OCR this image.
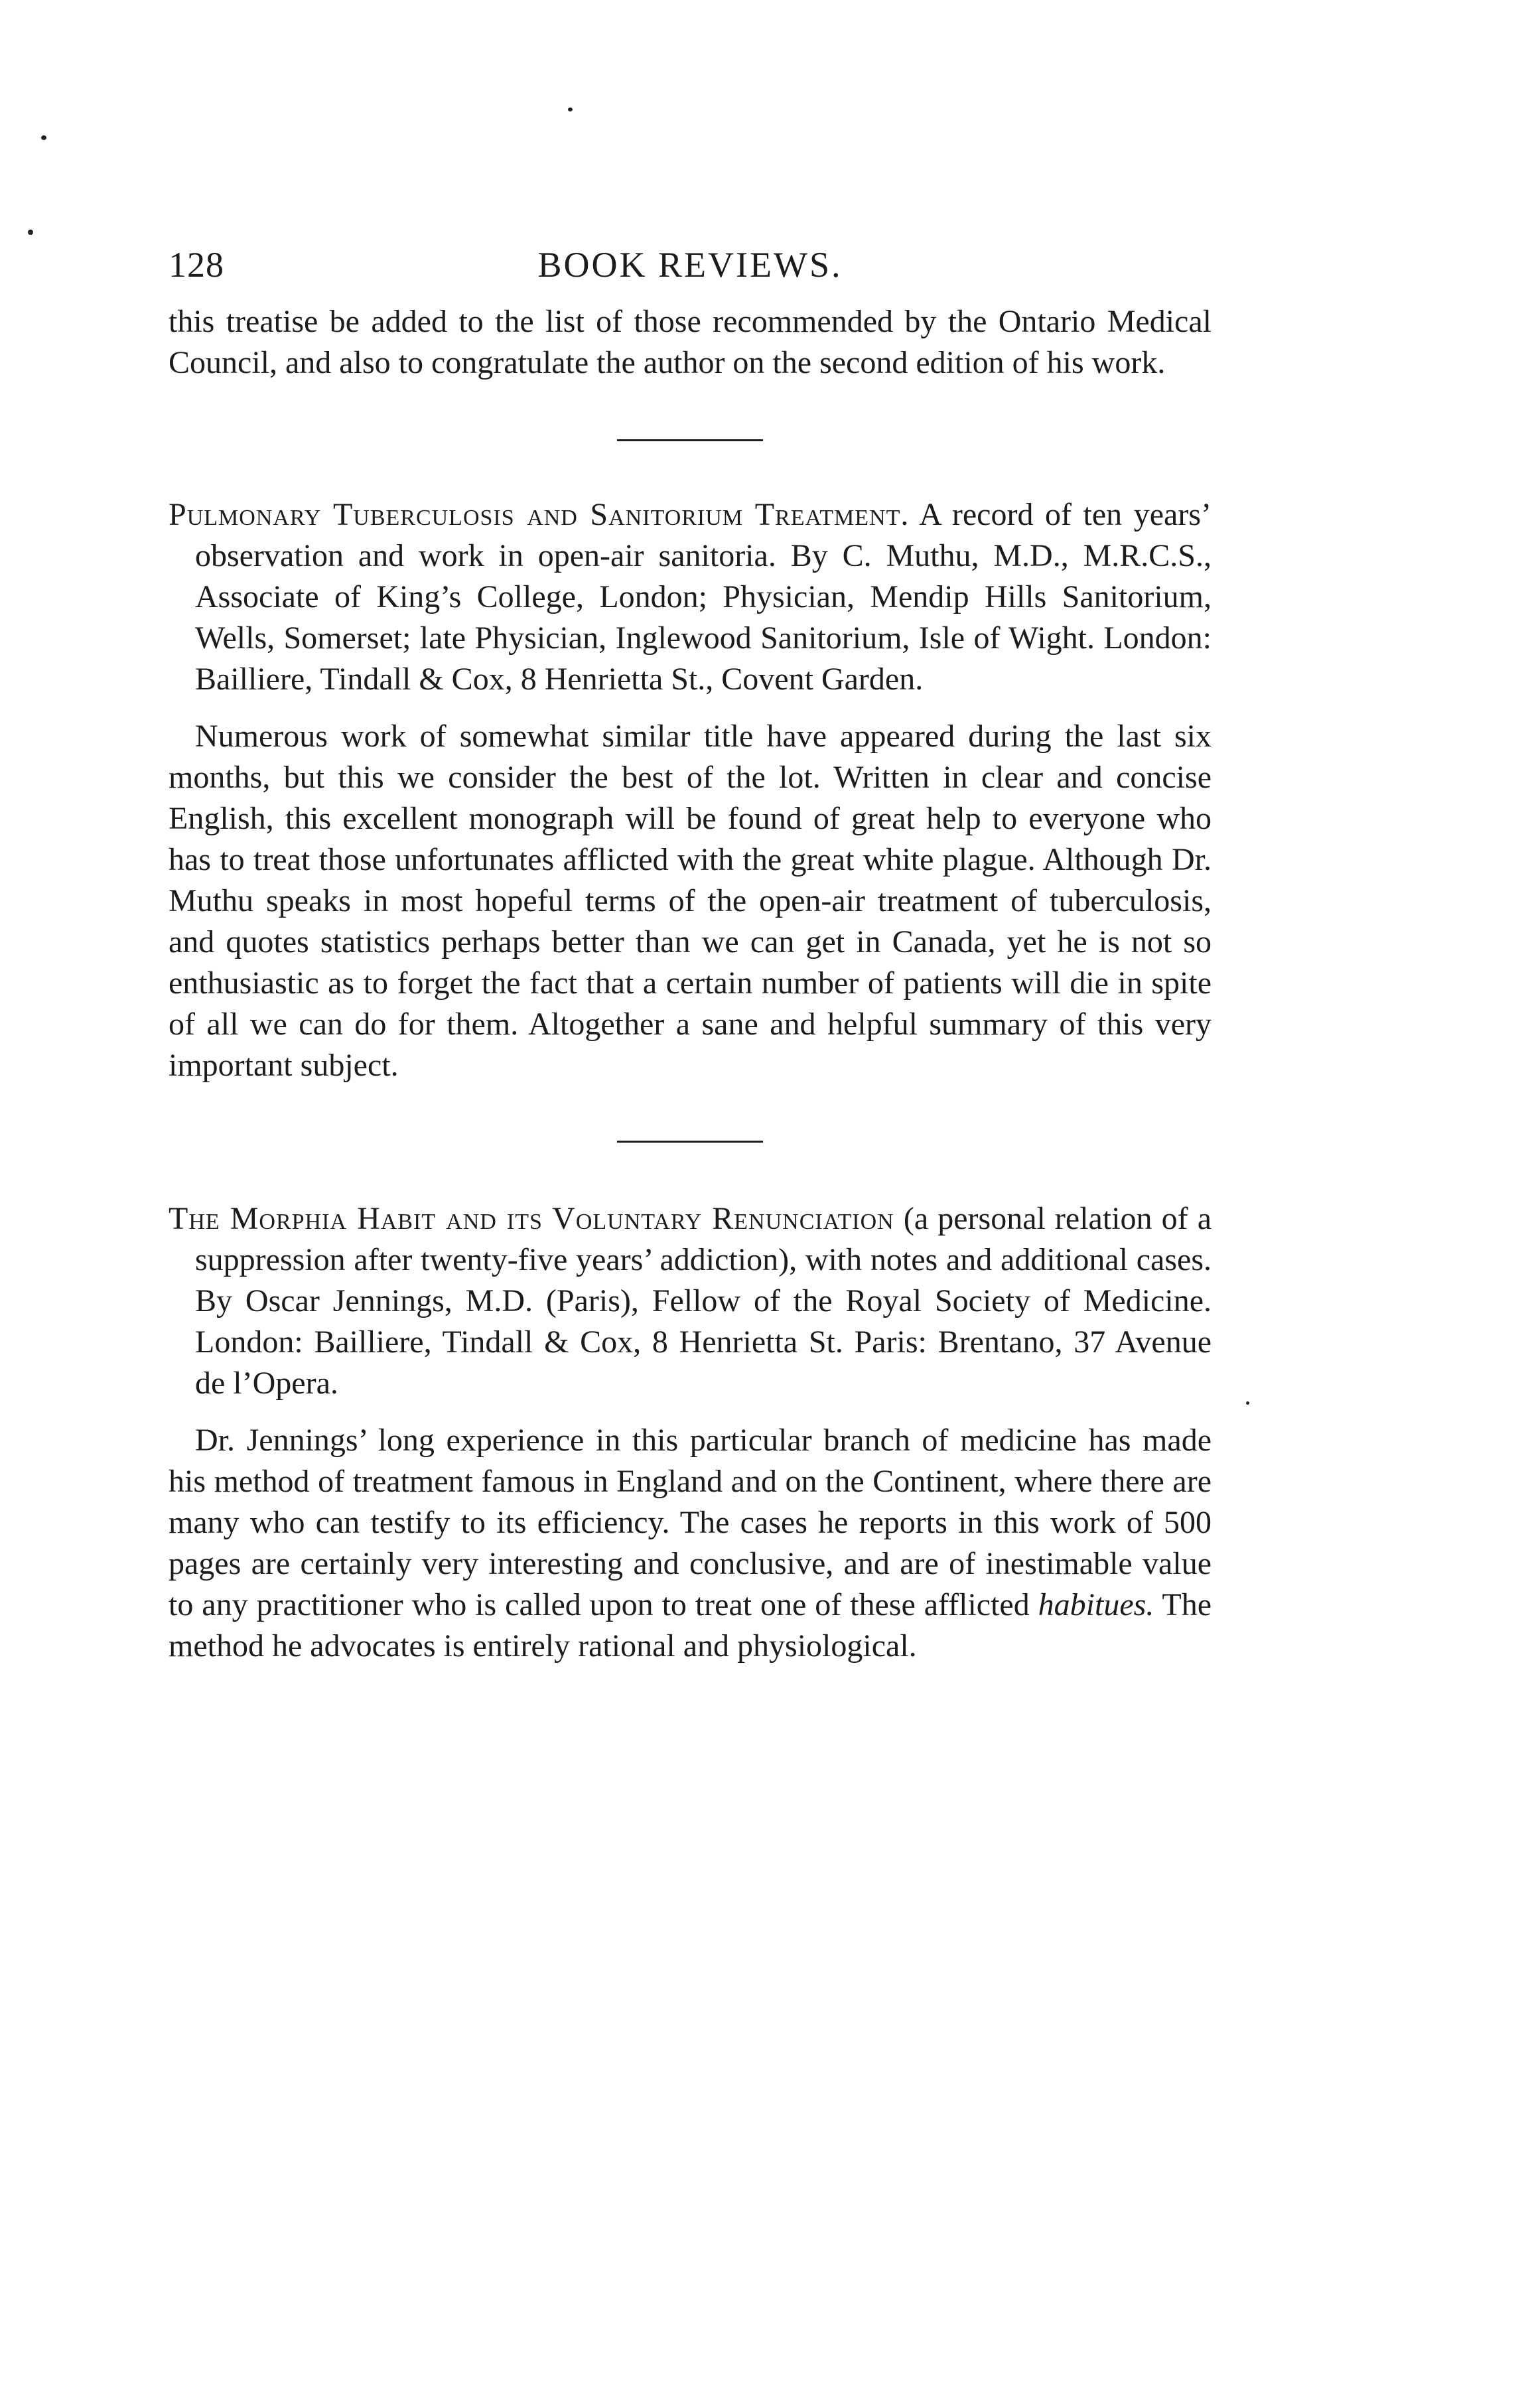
128	BOOK REVIEWS.

this treatise be added to the list of those recommended by the Ontario Medical Council, and also to congratulate the author on the second edition of his work.

Pulmonary Tuberculosis and Sanitorium Treatment. A record of ten years’ observation and work in open-air sanitoria. By C. Muthu, M.D., M.R.C.S., Associate of King’s College, London; Physician, Mendip Hills Sanitorium, Wells, Somerset; late Physician, Inglewood Sanitorium, Isle of Wight. London: Bailliere, Tindall & Cox, 8 Henrietta St., Covent Garden.

Numerous work of somewhat similar title have appeared during the last six months, but this we consider the best of the lot. Written in clear and concise English, this excellent monograph will be found of great help to everyone who has to treat those unfortunates afflicted with the great white plague. Although Dr. Muthu speaks in most hopeful terms of the open-air treatment of tuberculosis, and quotes statistics perhaps better than we can get in Canada, yet he is not so enthusiastic as to forget the fact that a certain number of patients will die in spite of all we can do for them. Altogether a sane and helpful summary of this very important subject.

The Morphia Habit and its Voluntary Renunciation (a personal relation of a suppression after twenty-five years’ addiction), with notes and additional cases. By Oscar Jennings, M.D. (Paris), Fellow of the Royal Society of Medicine. London: Bailliere, Tindall & Cox, 8 Henrietta St. Paris: Brentano, 37 Avenue de l’Opera.

Dr. Jennings’ long experience in this particular branch of medicine has made his method of treatment famous in England and on the Continent, where there are many who can testify to its efficiency. The cases he reports in this work of 500 pages are certainly very interesting and conclusive, and are of inestimable value to any practitioner who is called upon to treat one of these afflicted habitues. The method he advocates is entirely rational and physiological.
